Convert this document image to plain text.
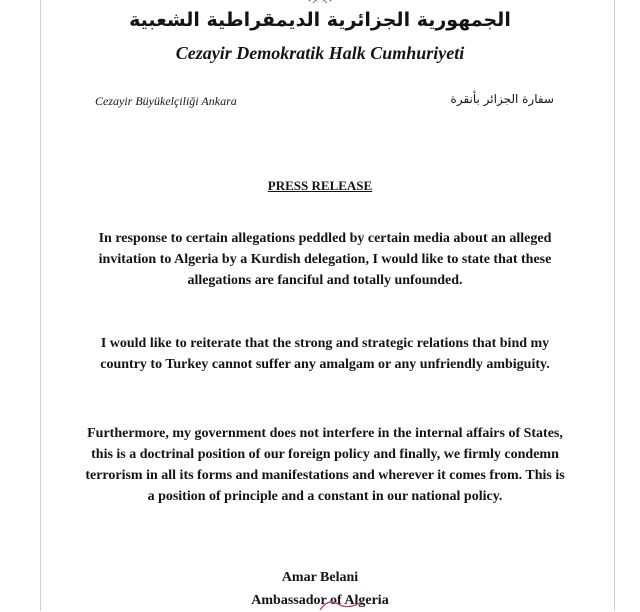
الجمهورية الجزائرية الديمقراطية الشعبية
Cezayir Demokratik Halk Cumhuriyeti
Cezayir Büyükelçiliği Ankara	سفارة الجزائر بأنقرة
PRESS RELEASE

In response to certain allegations peddled by certain media about an alleged invitation to Algeria by a Kurdish delegation, I would like to state that these allegations are fanciful and totally unfounded.

I would like to reiterate that the strong and strategic relations that bind my country to Turkey cannot suffer any amalgam or any unfriendly ambiguity.

Furthermore, my government does not interfere in the internal affairs of States, this is a doctrinal position of our foreign policy and finally, we firmly condemn terrorism in all its forms and manifestations and wherever it comes from. This is a position of principle and a constant in our national policy.

Amar Belani
Ambassador of Algeria
